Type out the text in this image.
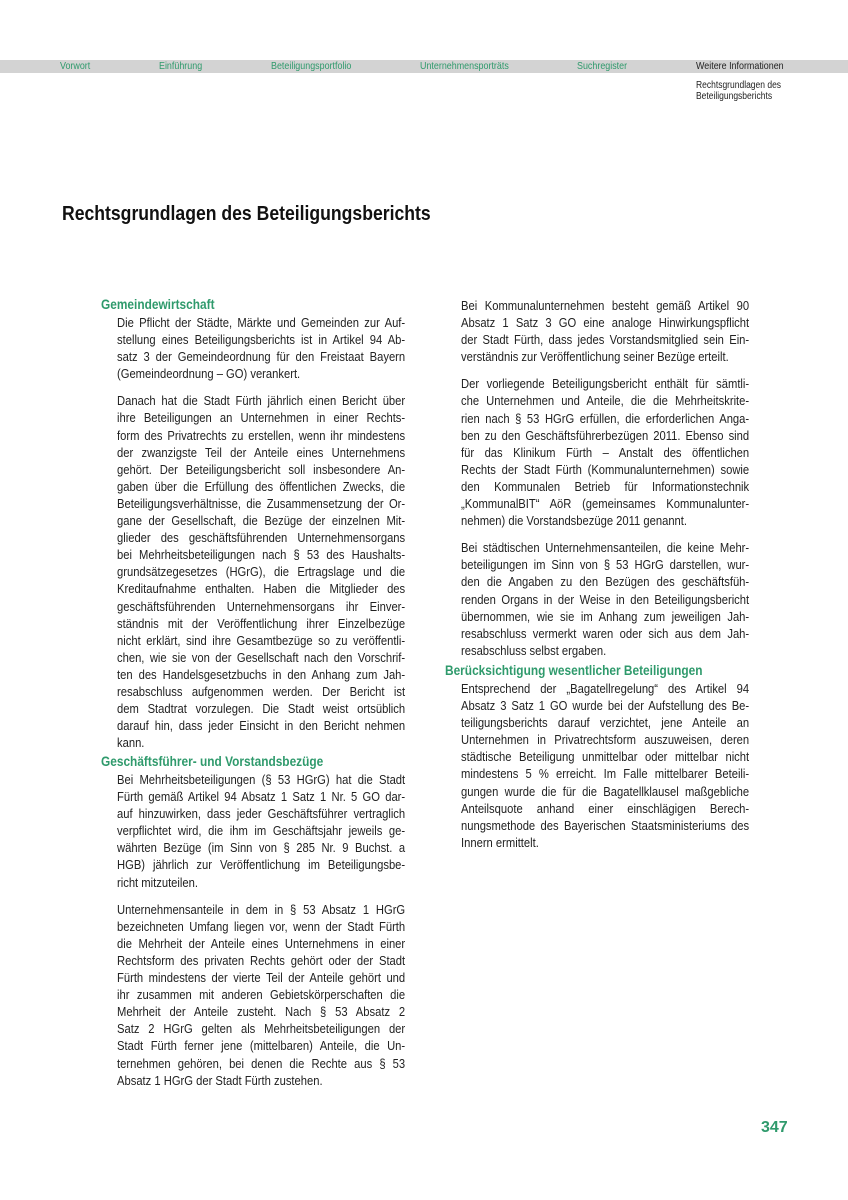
Vorwort	Einführung	Beteiligungsportfolio	Unternehmensporträts	Suchregister	Weitere Informationen
Rechtsgrundlagen des
Beteiligungsberichts
Rechtsgrundlagen des Beteiligungsberichts
Gemeindewirtschaft
Die Pflicht der Städte, Märkte und Gemeinden zur Auf-
stellung eines Beteiligungsberichts ist in Artikel 94 Ab-
satz 3 der Gemeindeordnung für den Freistaat Bayern
(Gemeindeordnung – GO) verankert.
Danach hat die Stadt Fürth jährlich einen Bericht über
ihre Beteiligungen an Unternehmen in einer Rechts-
form des Privatrechts zu erstellen, wenn ihr mindestens
der zwanzigste Teil der Anteile eines Unternehmens
gehört. Der Beteiligungsbericht soll insbesondere An-
gaben über die Erfüllung des öffentlichen Zwecks, die
Beteiligungsverhältnisse, die Zusammensetzung der Or-
gane der Gesellschaft, die Bezüge der einzelnen Mit-
glieder des geschäftsführenden Unternehmensorgans
bei Mehrheitsbeteiligungen nach § 53 des Haushalts-
grundsätzegesetzes (HGrG), die Ertragslage und die
Kreditaufnahme enthalten. Haben die Mitglieder des
geschäftsführenden Unternehmensorgans ihr Einver-
ständnis mit der Veröffentlichung ihrer Einzelbezüge
nicht erklärt, sind ihre Gesamtbezüge so zu veröffentli-
chen, wie sie von der Gesellschaft nach den Vorschrif-
ten des Handelsgesetzbuchs in den Anhang zum Jah-
resabschluss aufgenommen werden. Der Bericht ist
dem Stadtrat vorzulegen. Die Stadt weist ortsüblich
darauf hin, dass jeder Einsicht in den Bericht nehmen
kann.
Geschäftsführer- und Vorstandsbezüge
Bei Mehrheitsbeteiligungen (§ 53 HGrG) hat die Stadt
Fürth gemäß Artikel 94 Absatz 1 Satz 1 Nr. 5 GO dar-
auf hinzuwirken, dass jeder Geschäftsführer vertraglich
verpflichtet wird, die ihm im Geschäftsjahr jeweils ge-
währten Bezüge (im Sinn von § 285 Nr. 9 Buchst. a
HGB) jährlich zur Veröffentlichung im Beteiligungsbe-
richt mitzuteilen.
Unternehmensanteile in dem in § 53 Absatz 1 HGrG
bezeichneten Umfang liegen vor, wenn der Stadt Fürth
die Mehrheit der Anteile eines Unternehmens in einer
Rechtsform des privaten Rechts gehört oder der Stadt
Fürth mindestens der vierte Teil der Anteile gehört und
ihr zusammen mit anderen Gebietskörperschaften die
Mehrheit der Anteile zusteht. Nach § 53 Absatz 2
Satz 2 HGrG gelten als Mehrheitsbeteiligungen der
Stadt Fürth ferner jene (mittelbaren) Anteile, die Un-
ternehmen gehören, bei denen die Rechte aus § 53
Absatz 1 HGrG der Stadt Fürth zustehen.
Bei Kommunalunternehmen besteht gemäß Artikel 90
Absatz 1 Satz 3 GO eine analoge Hinwirkungspflicht
der Stadt Fürth, dass jedes Vorstandsmitglied sein Ein-
verständnis zur Veröffentlichung seiner Bezüge erteilt.
Der vorliegende Beteiligungsbericht enthält für sämtli-
che Unternehmen und Anteile, die die Mehrheitskrite-
rien nach § 53 HGrG erfüllen, die erforderlichen Anga-
ben zu den Geschäftsführerbezügen 2011. Ebenso sind
für das Klinikum Fürth – Anstalt des öffentlichen
Rechts der Stadt Fürth (Kommunalunternehmen) sowie
den Kommunalen Betrieb für Informationstechnik
„KommunalBIT“ AöR (gemeinsames Kommunalunter-
nehmen) die Vorstandsbezüge 2011 genannt.
Bei städtischen Unternehmensanteilen, die keine Mehr-
beteiligungen im Sinn von § 53 HGrG darstellen, wur-
den die Angaben zu den Bezügen des geschäftsfüh-
renden Organs in der Weise in den Beteiligungsbericht
übernommen, wie sie im Anhang zum jeweiligen Jah-
resabschluss vermerkt waren oder sich aus dem Jah-
resabschluss selbst ergaben.
Berücksichtigung wesentlicher Beteiligungen
Entsprechend der „Bagatellregelung“ des Artikel 94
Absatz 3 Satz 1 GO wurde bei der Aufstellung des Be-
teiligungsberichts darauf verzichtet, jene Anteile an
Unternehmen in Privatrechtsform auszuweisen, deren
städtische Beteiligung unmittelbar oder mittelbar nicht
mindestens 5 % erreicht. Im Falle mittelbarer Beteili-
gungen wurde die für die Bagatellklausel maßgebliche
Anteilsquote anhand einer einschlägigen Berech-
nungsmethode des Bayerischen Staatsministeriums des
Innern ermittelt.
347
